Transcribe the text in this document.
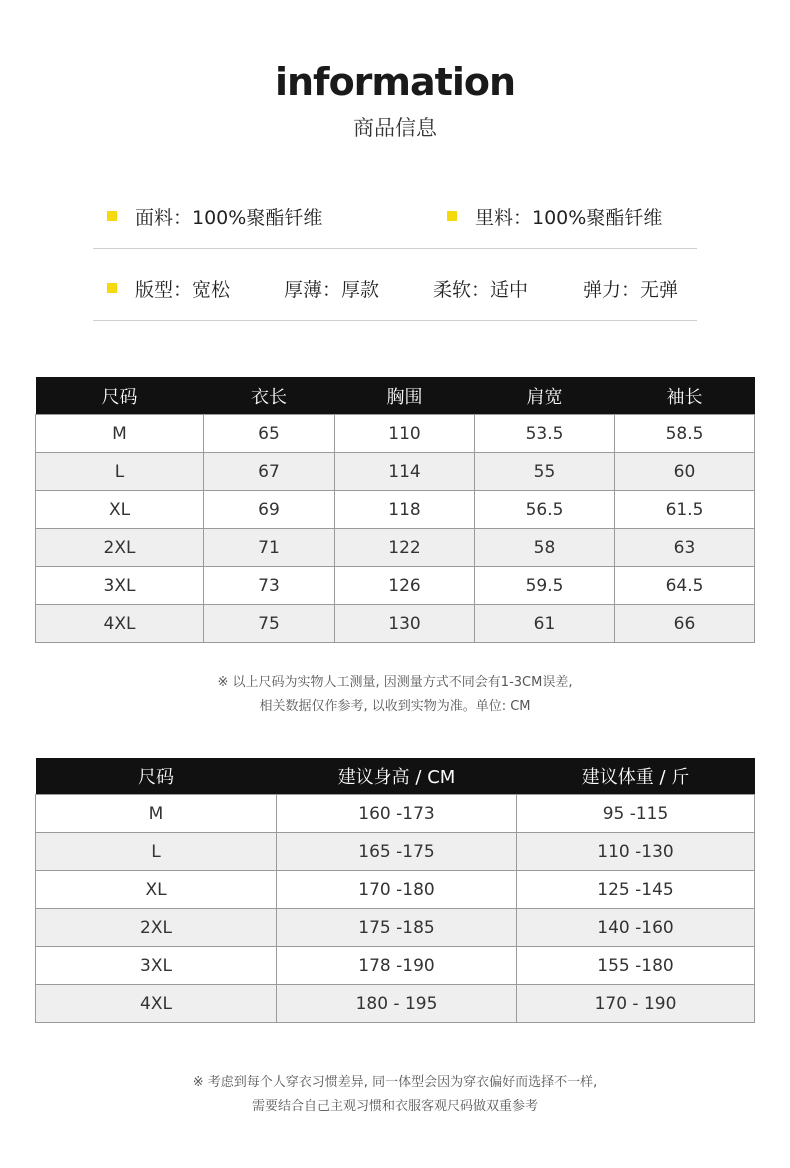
information
商品信息
面料：100%聚酯钎维	里料：100%聚酯钎维
版型：宽松	厚薄：厚款	柔软：适中	弹力：无弹
尺码	衣长	胸围	肩宽	袖长
M	65	110	53.5	58.5
L	67	114	55	60
XL	69	118	56.5	61.5
2XL	71	122	58	63
3XL	73	126	59.5	64.5
4XL	75	130	61	66
※ 以上尺码为实物人工测量, 因测量方式不同会有1-3CM误差,
相关数据仅作参考, 以收到实物为准。单位: CM
尺码	建议身高 / CM	建议体重 / 斤
M	160 -173	95 -115
L	165 -175	110 -130
XL	170 -180	125 -145
2XL	175 -185	140 -160
3XL	178 -190	155 -180
4XL	180 - 195	170 - 190
※ 考虑到每个人穿衣习惯差异, 同一体型会因为穿衣偏好而选择不一样,
需要结合自己主观习惯和衣服客观尺码做双重参考
